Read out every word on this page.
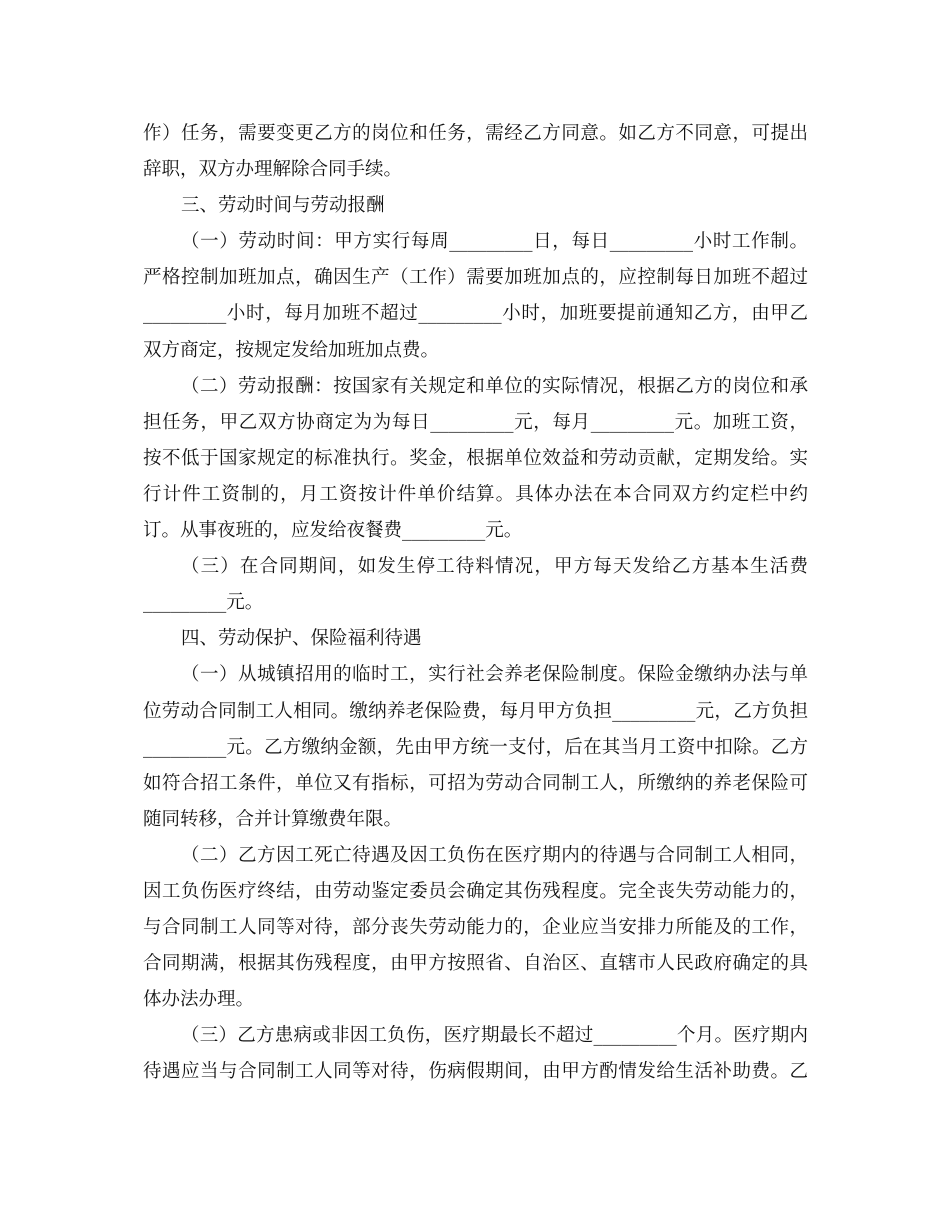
作）任务，需要变更乙方的岗位和任务，需经乙方同意。如乙方不同意，可提出
辞职，双方办理解除合同手续。
三、劳动时间与劳动报酬
（一）劳动时间：甲方实行每周_________日，每日_________小时工作制。
严格控制加班加点，确因生产（工作）需要加班加点的，应控制每日加班不超过
_________小时，每月加班不超过_________小时，加班要提前通知乙方，由甲乙
双方商定，按规定发给加班加点费。
（二）劳动报酬：按国家有关规定和单位的实际情况，根据乙方的岗位和承
担任务，甲乙双方协商定为为每日_________元，每月_________元。加班工资，
按不低于国家规定的标准执行。奖金，根据单位效益和劳动贡献，定期发给。实
行计件工资制的，月工资按计件单价结算。具体办法在本合同双方约定栏中约
订。从事夜班的，应发给夜餐费_________元。
（三）在合同期间，如发生停工待料情况，甲方每天发给乙方基本生活费
_________元。
四、劳动保护、保险福利待遇
（一）从城镇招用的临时工，实行社会养老保险制度。保险金缴纳办法与单
位劳动合同制工人相同。缴纳养老保险费，每月甲方负担_________元，乙方负担
_________元。乙方缴纳金额，先由甲方统一支付，后在其当月工资中扣除。乙方
如符合招工条件，单位又有指标，可招为劳动合同制工人，所缴纳的养老保险可
随同转移，合并计算缴费年限。
（二）乙方因工死亡待遇及因工负伤在医疗期内的待遇与合同制工人相同，
因工负伤医疗终结，由劳动鉴定委员会确定其伤残程度。完全丧失劳动能力的，
与合同制工人同等对待，部分丧失劳动能力的，企业应当安排力所能及的工作，
合同期满，根据其伤残程度，由甲方按照省、自治区、直辖市人民政府确定的具
体办法办理。
（三）乙方患病或非因工负伤，医疗期最长不超过_________个月。医疗期内
待遇应当与合同制工人同等对待，伤病假期间，由甲方酌情发给生活补助费。乙
